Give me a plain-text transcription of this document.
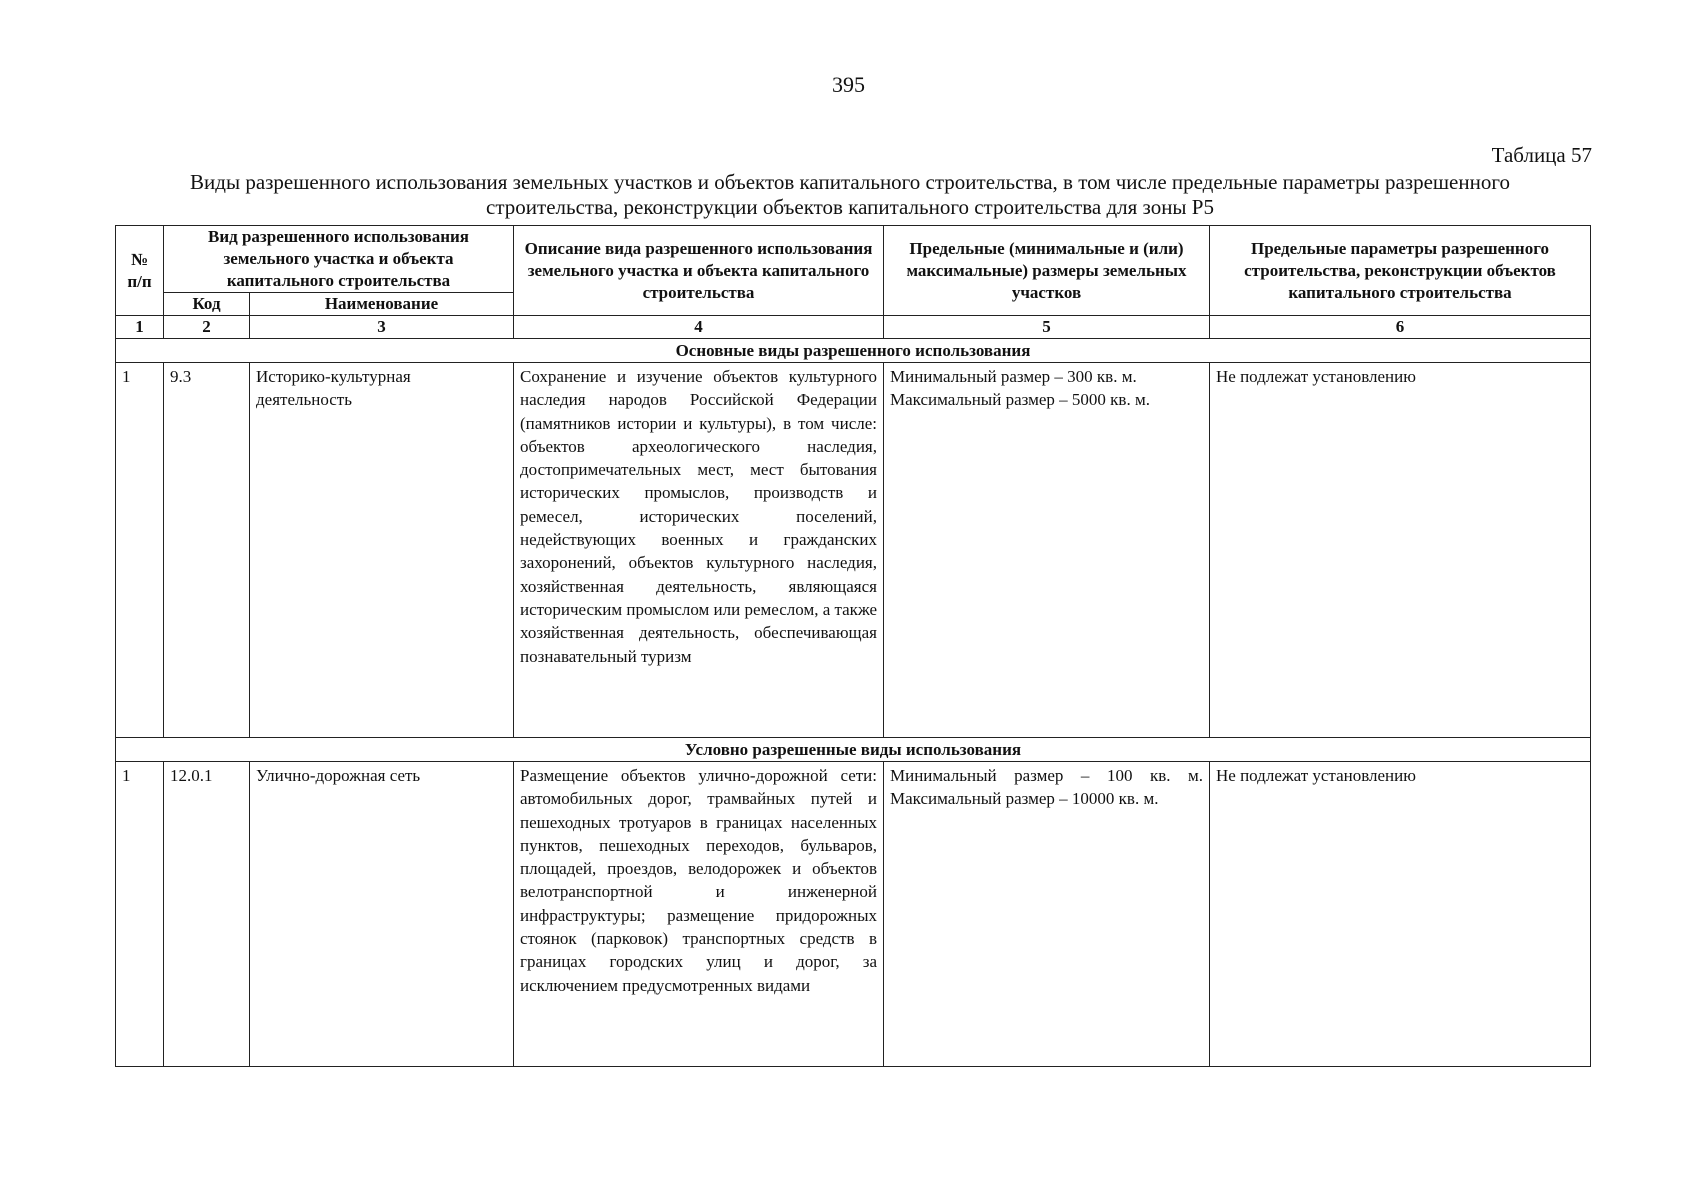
395
Таблица 57
Виды разрешенного использования земельных участков и объектов капитального строительства, в том числе предельные параметры разрешенного строительства, реконструкции объектов капитального строительства для зоны Р5
№ п/п	Вид разрешенного использования земельного участка и объекта капитального строительства		Описание вида разрешенного использования земельного участка и объекта капитального строительства	Предельные (минимальные и (или) максимальные) размеры земельных участков	Предельные параметры разрешенного строительства, реконструкции объектов капитального строительства
	Код	Наименование			
1	2	3	4	5	6
Основные виды разрешенного использования					
1	9.3	Историко-культурная деятельность	Сохранение и изучение объектов культурного наследия народов Российской Федерации (памятников истории и культуры), в том числе: объектов археологического наследия, достопримечательных мест, мест бытования исторических промыслов, производств и ремесел, исторических поселений, недействующих военных и гражданских захоронений, объектов культурного наследия, хозяйственная деятельность, являющаяся историческим промыслом или ремеслом, а также хозяйственная деятельность, обеспечивающая познавательный туризм	Минимальный размер – 300 кв. м. Максимальный размер – 5000 кв. м.	Не подлежат установлению
Условно разрешенные виды использования					
1	12.0.1	Улично-дорожная сеть	Размещение объектов улично-дорожной сети: автомобильных дорог, трамвайных путей и пешеходных тротуаров в границах населенных пунктов, пешеходных переходов, бульваров, площадей, проездов, велодорожек и объектов велотранспортной и инженерной инфраструктуры; размещение придорожных стоянок (парковок) транспортных средств в границах городских улиц и дорог, за исключением предусмотренных видами	Минимальный размер – 100 кв. м. Максимальный размер – 10000 кв. м.	Не подлежат установлению
